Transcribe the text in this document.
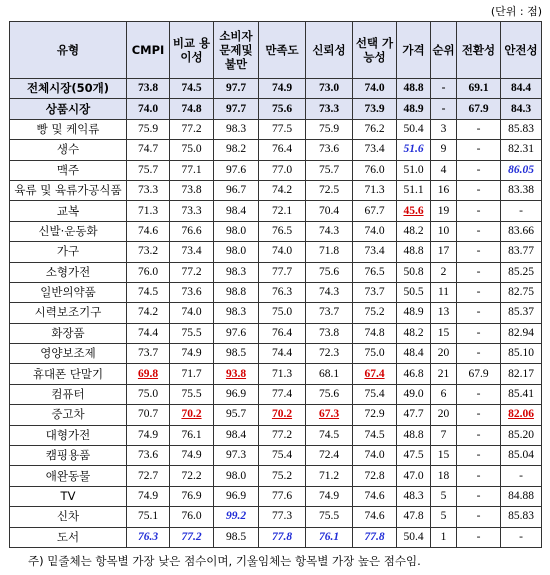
(단위 : 점)
유형	CMPI	비교 용이성	소비자 문제및 불만	만족도	신뢰성	선택 가능성	가격	순위	전환성	안전성
전체시장(50개)	73.8	74.5	97.7	74.9	73.0	74.0	48.8	-	69.1	84.4
상품시장	74.0	74.8	97.7	75.6	73.3	73.9	48.9	-	67.9	84.3
빵 및 케익류	75.9	77.2	98.3	77.5	75.9	76.2	50.4	3	-	85.83
생수	74.7	75.0	98.2	76.4	73.6	73.4	51.6	9	-	82.31
맥주	75.7	77.1	97.6	77.0	75.7	76.0	51.0	4	-	86.05
육류 및 육류가공식품	73.3	73.8	96.7	74.2	72.5	71.3	51.1	16	-	83.38
교복	71.3	73.3	98.4	72.1	70.4	67.7	45.6	19	-	-
신발·운동화	74.6	76.6	98.0	76.5	74.3	74.0	48.2	10	-	83.66
가구	73.2	73.4	98.0	74.0	71.8	73.4	48.8	17	-	83.77
소형가전	76.0	77.2	98.3	77.7	75.6	76.5	50.8	2	-	85.25
일반의약품	74.5	73.6	98.8	76.3	74.3	73.7	50.5	11	-	82.75
시력보조기구	74.2	74.0	98.3	75.0	73.7	75.2	48.9	13	-	85.37
화장품	74.4	75.5	97.6	76.4	73.8	74.8	48.2	15	-	82.94
영양보조제	73.7	74.9	98.5	74.4	72.3	75.0	48.4	20	-	85.10
휴대폰 단말기	69.8	71.7	93.8	71.3	68.1	67.4	46.8	21	67.9	82.17
컴퓨터	75.0	75.5	96.9	77.4	75.6	75.4	49.0	6	-	85.41
중고차	70.7	70.2	95.7	70.2	67.3	72.9	47.7	20	-	82.06
대형가전	74.9	76.1	98.4	77.2	74.5	74.5	48.8	7	-	85.20
캠핑용품	73.6	74.9	97.3	75.4	72.4	74.0	47.5	15	-	85.04
애완동물	72.7	72.2	98.0	75.2	71.2	72.8	47.0	18	-	-
TV	74.9	76.9	96.9	77.6	74.9	74.6	48.3	5	-	84.88
신차	75.1	76.0	99.2	77.3	75.5	74.6	47.8	5	-	85.83
도서	76.3	77.2	98.5	77.8	76.1	77.8	50.4	1	-	-
주) 밑줄체는 항목별 가장 낮은 점수이며, 기울임체는 항목별 가장 높은 점수임.
